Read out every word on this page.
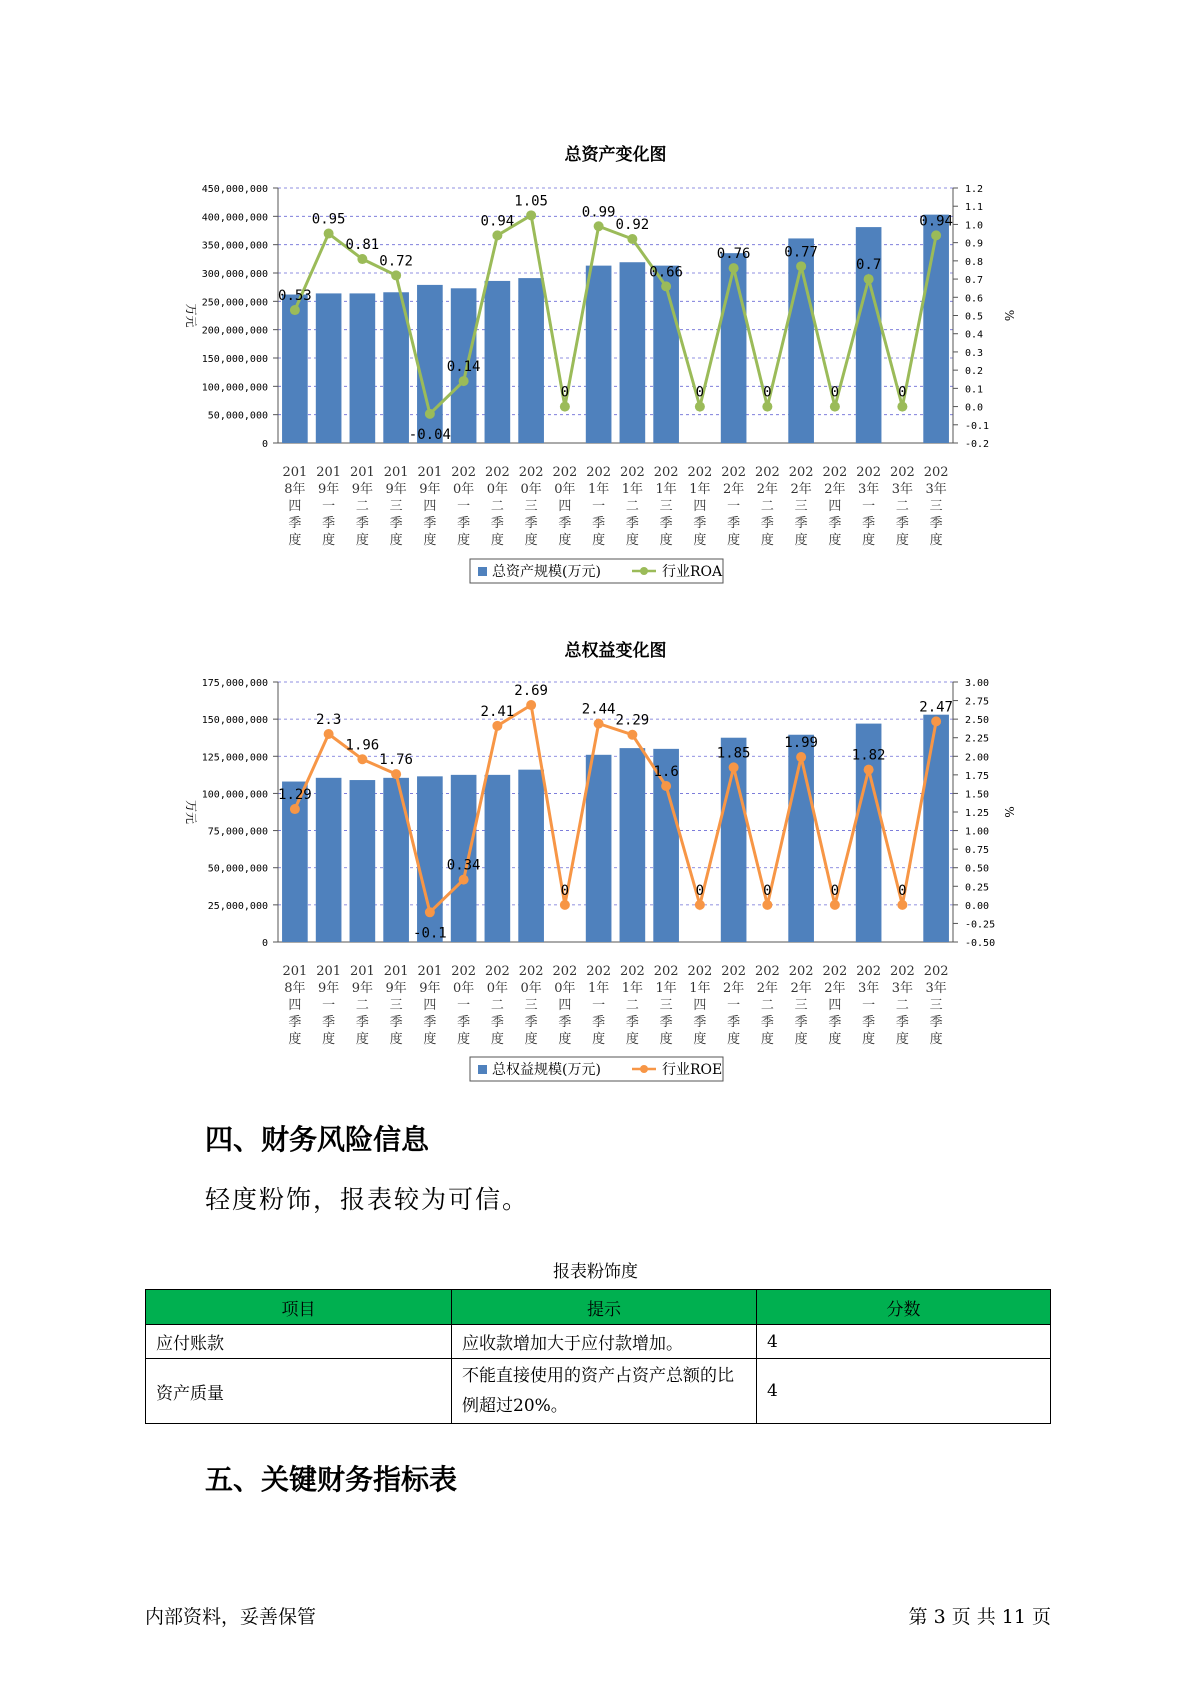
总资产变化图
0
50,000,000
100,000,000
150,000,000
200,000,000
250,000,000
300,000,000
350,000,000
400,000,000
450,000,000
-0.2
-0.1
0.0
0.1
0.2
0.3
0.4
0.5
0.6
0.7
0.8
0.9
1.0
1.1
1.2
万元	%
0.53
0.95
0.81
0.72
-0.04
0.14
0.94
1.05
0
0.99
0.92
0.66
0
0.76
0
0.77
0
0.7
0
0.94
201
8年
四
季
度
201
9年
一
季
度
201
9年
二
季
度
201
9年
三
季
度
201
9年
四
季
度
202
0年
一
季
度
202
0年
二
季
度
202
0年
三
季
度
202
0年
四
季
度
202
1年
一
季
度
202
1年
二
季
度
202
1年
三
季
度
202
1年
四
季
度
202
2年
一
季
度
202
2年
二
季
度
202
2年
三
季
度
202
2年
四
季
度
202
3年
一
季
度
202
3年
二
季
度
202
3年
三
季
度
总资产规模(万元)	行业ROA
总权益变化图
0
25,000,000
50,000,000
75,000,000
100,000,000
125,000,000
150,000,000
175,000,000
-0.50
-0.25
0.00
0.25
0.50
0.75
1.00
1.25
1.50
1.75
2.00
2.25
2.50
2.75
3.00
万元	%
1.29
2.3
1.96
1.76
-0.1
0.34
2.41
2.69
0
2.44
2.29
1.6
0
1.85
0
1.99
0
1.82
0
2.47
201
8年
四
季
度
201
9年
一
季
度
201
9年
二
季
度
201
9年
三
季
度
201
9年
四
季
度
202
0年
一
季
度
202
0年
二
季
度
202
0年
三
季
度
202
0年
四
季
度
202
1年
一
季
度
202
1年
二
季
度
202
1年
三
季
度
202
1年
四
季
度
202
2年
一
季
度
202
2年
二
季
度
202
2年
三
季
度
202
2年
四
季
度
202
3年
一
季
度
202
3年
二
季
度
202
3年
三
季
度
总权益规模(万元)	行业ROE
四、财务风险信息
轻度粉饰，报表较为可信。
报表粉饰度
项目	提示	分数
应付账款	应收款增加大于应付款增加。	4
资产质量	不能直接使用的资产占资产总额的比例超过20%。	4
五、关键财务指标表
内部资料，妥善保管	第 3 页 共 11 页
